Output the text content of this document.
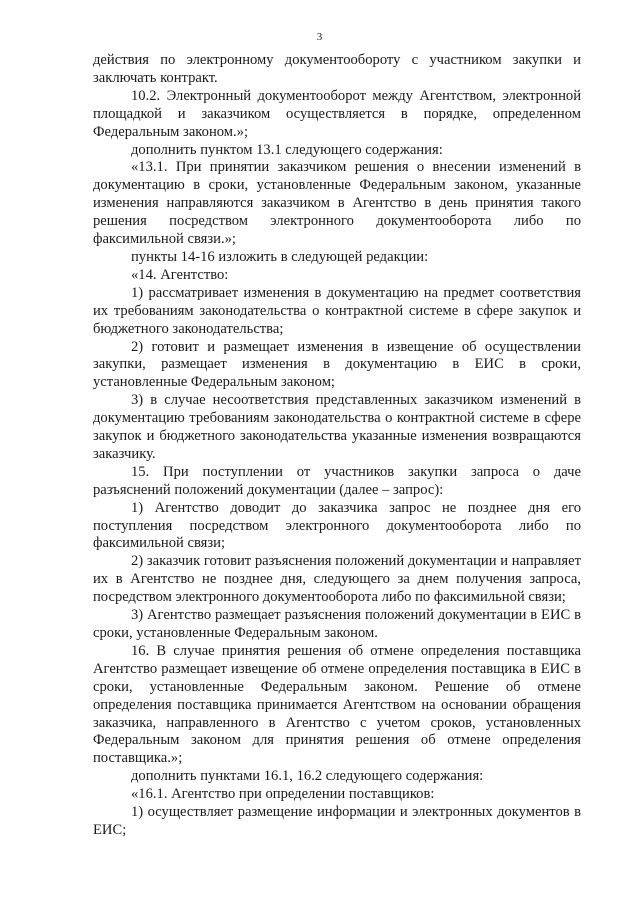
3

действия по электронному документообороту с участником закупки и заключать контракт.

10.2. Электронный документооборот между Агентством, электронной площадкой и заказчиком осуществляется в порядке, определенном Федеральным законом.»;

дополнить пунктом 13.1 следующего содержания:

«13.1. При принятии заказчиком решения о внесении изменений в документацию в сроки, установленные Федеральным законом, указанные изменения направляются заказчиком в Агентство в день принятия такого решения посредством электронного документооборота либо по факсимильной связи.»;

пункты 14-16 изложить в следующей редакции:

«14. Агентство:

1) рассматривает изменения в документацию на предмет соответствия их требованиям законодательства о контрактной системе в сфере закупок и бюджетного законодательства;

2) готовит и размещает изменения в извещение об осуществлении закупки, размещает изменения в документацию в ЕИС в сроки, установленные Федеральным законом;

3) в случае несоответствия представленных заказчиком изменений в документацию требованиям законодательства о контрактной системе в сфере закупок и бюджетного законодательства указанные изменения возвращаются заказчику.

15. При поступлении от участников закупки запроса о даче разъяснений положений документации (далее – запрос):

1) Агентство доводит до заказчика запрос не позднее дня его поступления посредством электронного документооборота либо по факсимильной связи;

2) заказчик готовит разъяснения положений документации и направляет их в Агентство не позднее дня, следующего за днем получения запроса, посредством электронного документооборота либо по факсимильной связи;

3) Агентство размещает разъяснения положений документации в ЕИС в сроки, установленные Федеральным законом.

16. В случае принятия решения об отмене определения поставщика Агентство размещает извещение об отмене определения поставщика в ЕИС в сроки, установленные Федеральным законом. Решение об отмене определения поставщика принимается Агентством на основании обращения заказчика, направленного в Агентство с учетом сроков, установленных Федеральным законом для принятия решения об отмене определения поставщика.»;

дополнить пунктами 16.1, 16.2 следующего содержания:

«16.1. Агентство при определении поставщиков:

1) осуществляет размещение информации и электронных документов в ЕИС;
